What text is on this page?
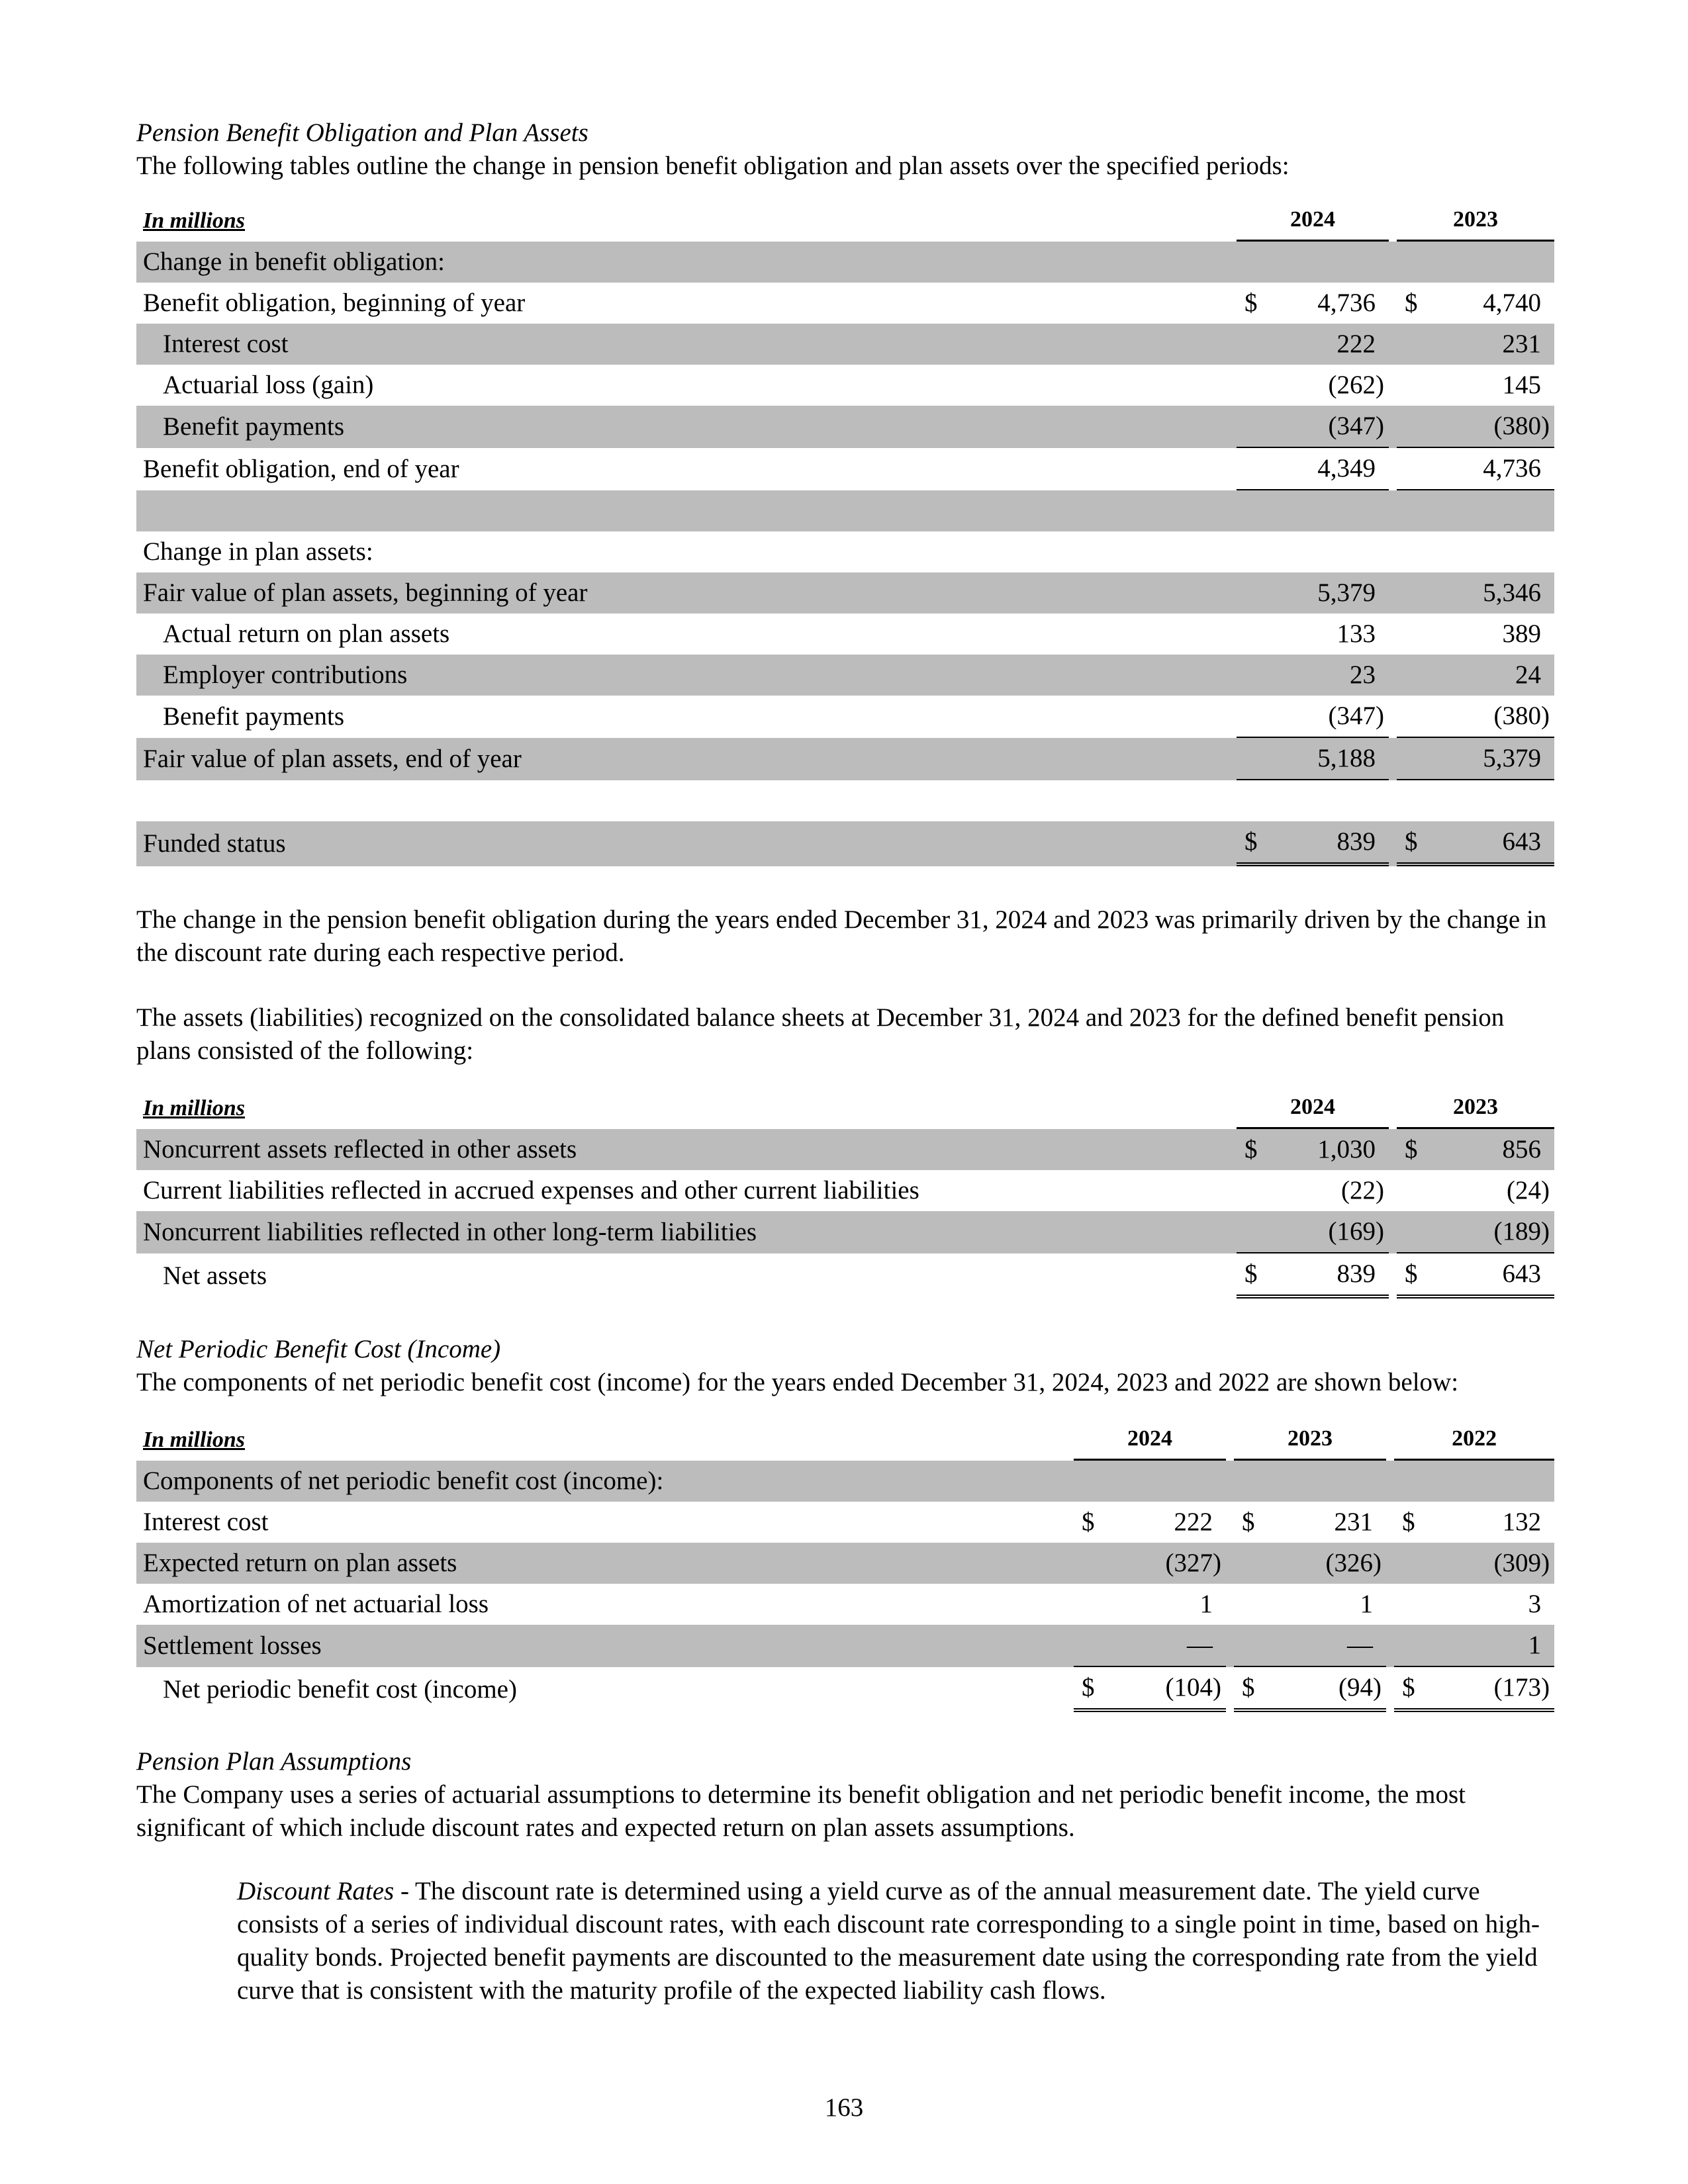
Pension Benefit Obligation and Plan Assets

The following tables outline the change in pension benefit obligation and plan assets over the specified periods:

In millions		2024				2023		
Change in benefit obligation:								
Benefit obligation, beginning of year		$	4,736			$	4,740	
Interest cost			222				231	
Actuarial loss (gain)			(262	)			145	
Benefit payments			(347	)			(380	)
Benefit obligation, end of year			4,349				4,736	

Change in plan assets:								
Fair value of plan assets, beginning of year			5,379				5,346	
Actual return on plan assets			133				389	
Employer contributions			23				24	
Benefit payments			(347	)			(380	)
Fair value of plan assets, end of year			5,188				5,379	

Funded status		$	839			$	643	

The change in the pension benefit obligation during the years ended December 31, 2024 and 2023 was primarily driven by the change in the discount rate during each respective period.

The assets (liabilities) recognized on the consolidated balance sheets at December 31, 2024 and 2023 for the defined benefit pension plans consisted of the following:

In millions		2024				2023		
Noncurrent assets reflected in other assets		$	1,030			$	856	
Current liabilities reflected in accrued expenses and other current liabilities			(22	)			(24	)
Noncurrent liabilities reflected in other long-term liabilities			(169	)			(189	)
Net assets		$	839			$	643	
Net Periodic Benefit Cost (Income)

The components of net periodic benefit cost (income) for the years ended December 31, 2024, 2023 and 2022 are shown below:

In millions		2024				2023				2022		
Components of net periodic benefit cost (income):												
Interest cost		$	222			$	231			$	132	
Expected return on plan assets			(327	)			(326	)			(309	)
Amortization of net actuarial loss			1				1				3	
Settlement losses			—				—				1	
Net periodic benefit cost (income)		$	(104	)		$	(94	)		$	(173	)
Pension Plan Assumptions

The Company uses a series of actuarial assumptions to determine its benefit obligation and net periodic benefit income, the most significant of which include discount rates and expected return on plan assets assumptions.

Discount Rates - The discount rate is determined using a yield curve as of the annual measurement date. The yield curve consists of a series of individual discount rates, with each discount rate corresponding to a single point in time, based on high-quality bonds. Projected benefit payments are discounted to the measurement date using the corresponding rate from the yield curve that is consistent with the maturity profile of the expected liability cash flows.

163
